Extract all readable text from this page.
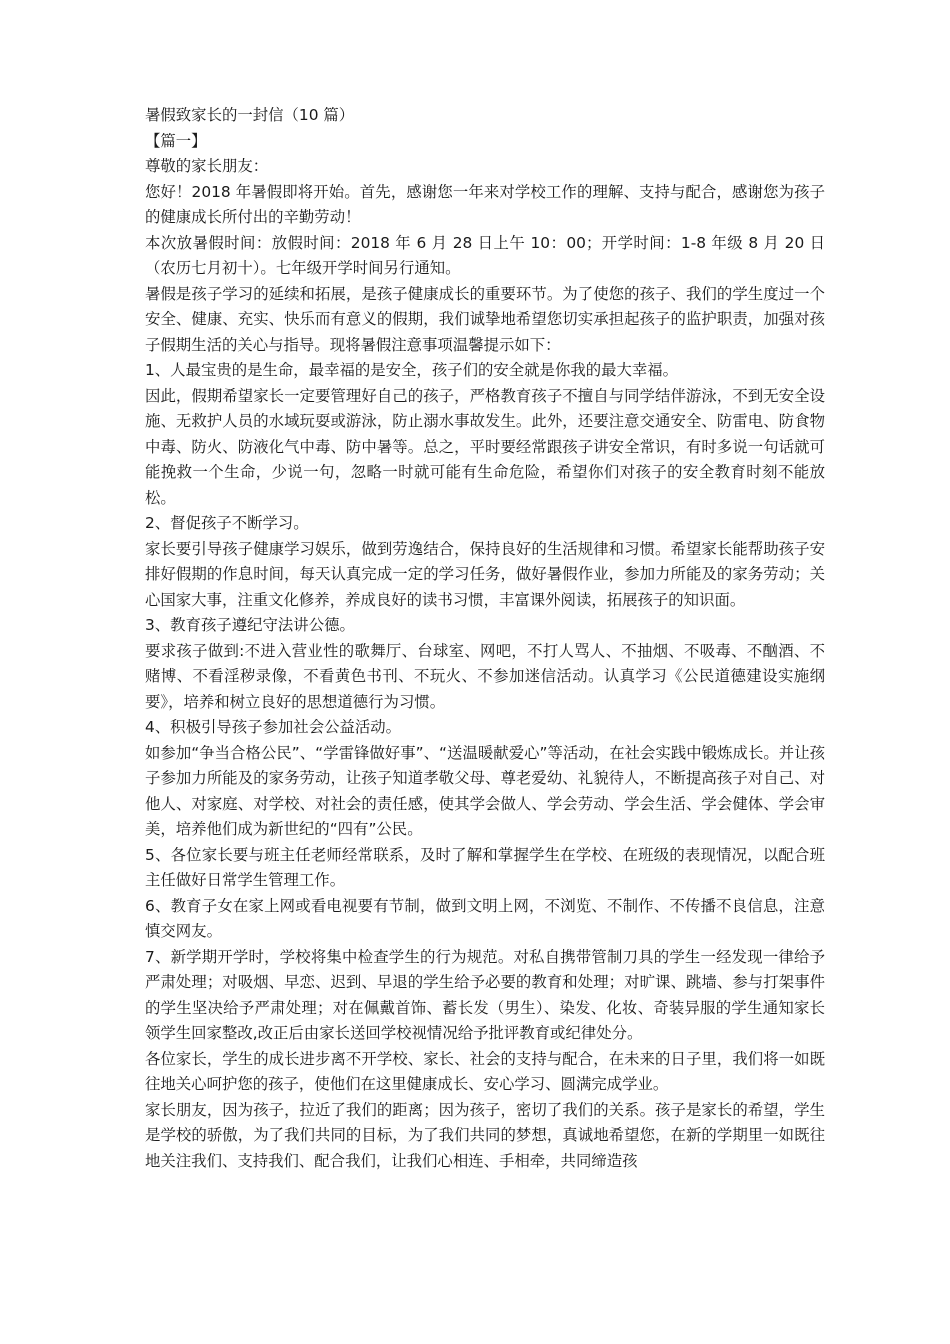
暑假致家长的一封信（10 篇）

【篇一】

尊敬的家长朋友：

您好！2018 年暑假即将开始。首先，感谢您一年来对学校工作的理解、支持与配合，感谢您为孩子的健康成长所付出的辛勤劳动！

本次放暑假时间：放假时间：2018 年 6 月 28 日上午 10：00；开学时间：1-8 年级 8 月 20 日（农历七月初十）。七年级开学时间另行通知。

暑假是孩子学习的延续和拓展，是孩子健康成长的重要环节。为了使您的孩子、我们的学生度过一个安全、健康、充实、快乐而有意义的假期，我们诚挚地希望您切实承担起孩子的监护职责，加强对孩子假期生活的关心与指导。现将暑假注意事项温馨提示如下：

1、人最宝贵的是生命，最幸福的是安全，孩子们的安全就是你我的最大幸福。

因此，假期希望家长一定要管理好自己的孩子，严格教育孩子不擅自与同学结伴游泳，不到无安全设施、无救护人员的水域玩耍或游泳，防止溺水事故发生。此外，还要注意交通安全、防雷电、防食物中毒、防火、防液化气中毒、防中暑等。总之，平时要经常跟孩子讲安全常识，有时多说一句话就可能挽救一个生命，少说一句，忽略一时就可能有生命危险，希望你们对孩子的安全教育时刻不能放松。

2、督促孩子不断学习。

家长要引导孩子健康学习娱乐，做到劳逸结合，保持良好的生活规律和习惯。希望家长能帮助孩子安排好假期的作息时间，每天认真完成一定的学习任务，做好暑假作业，参加力所能及的家务劳动；关心国家大事，注重文化修养，养成良好的读书习惯，丰富课外阅读，拓展孩子的知识面。

3、教育孩子遵纪守法讲公德。

要求孩子做到:不进入营业性的歌舞厅、台球室、网吧，不打人骂人、不抽烟、不吸毒、不酗酒、不赌博、不看淫秽录像，不看黄色书刊、不玩火、不参加迷信活动。认真学习《公民道德建设实施纲要》，培养和树立良好的思想道德行为习惯。

4、积极引导孩子参加社会公益活动。

如参加“争当合格公民”、“学雷锋做好事”、“送温暖献爱心”等活动，在社会实践中锻炼成长。并让孩子参加力所能及的家务劳动，让孩子知道孝敬父母、尊老爱幼、礼貌待人，不断提高孩子对自己、对他人、对家庭、对学校、对社会的责任感，使其学会做人、学会劳动、学会生活、学会健体、学会审美，培养他们成为新世纪的“四有”公民。

5、各位家长要与班主任老师经常联系，及时了解和掌握学生在学校、在班级的表现情况，以配合班主任做好日常学生管理工作。

6、教育子女在家上网或看电视要有节制，做到文明上网，不浏览、不制作、不传播不良信息，注意慎交网友。

7、新学期开学时，学校将集中检查学生的行为规范。对私自携带管制刀具的学生一经发现一律给予严肃处理；对吸烟、早恋、迟到、早退的学生给予必要的教育和处理；对旷课、跳墙、参与打架事件的学生坚决给予严肃处理；对在佩戴首饰、蓄长发（男生）、染发、化妆、奇装异服的学生通知家长领学生回家整改,改正后由家长送回学校视情况给予批评教育或纪律处分。

各位家长，学生的成长进步离不开学校、家长、社会的支持与配合，在未来的日子里，我们将一如既往地关心呵护您的孩子，使他们在这里健康成长、安心学习、圆满完成学业。

家长朋友，因为孩子，拉近了我们的距离；因为孩子，密切了我们的关系。孩子是家长的希望，学生是学校的骄傲，为了我们共同的目标，为了我们共同的梦想，真诚地希望您，在新的学期里一如既往地关注我们、支持我们、配合我们，让我们心相连、手相牵，共同缔造孩
